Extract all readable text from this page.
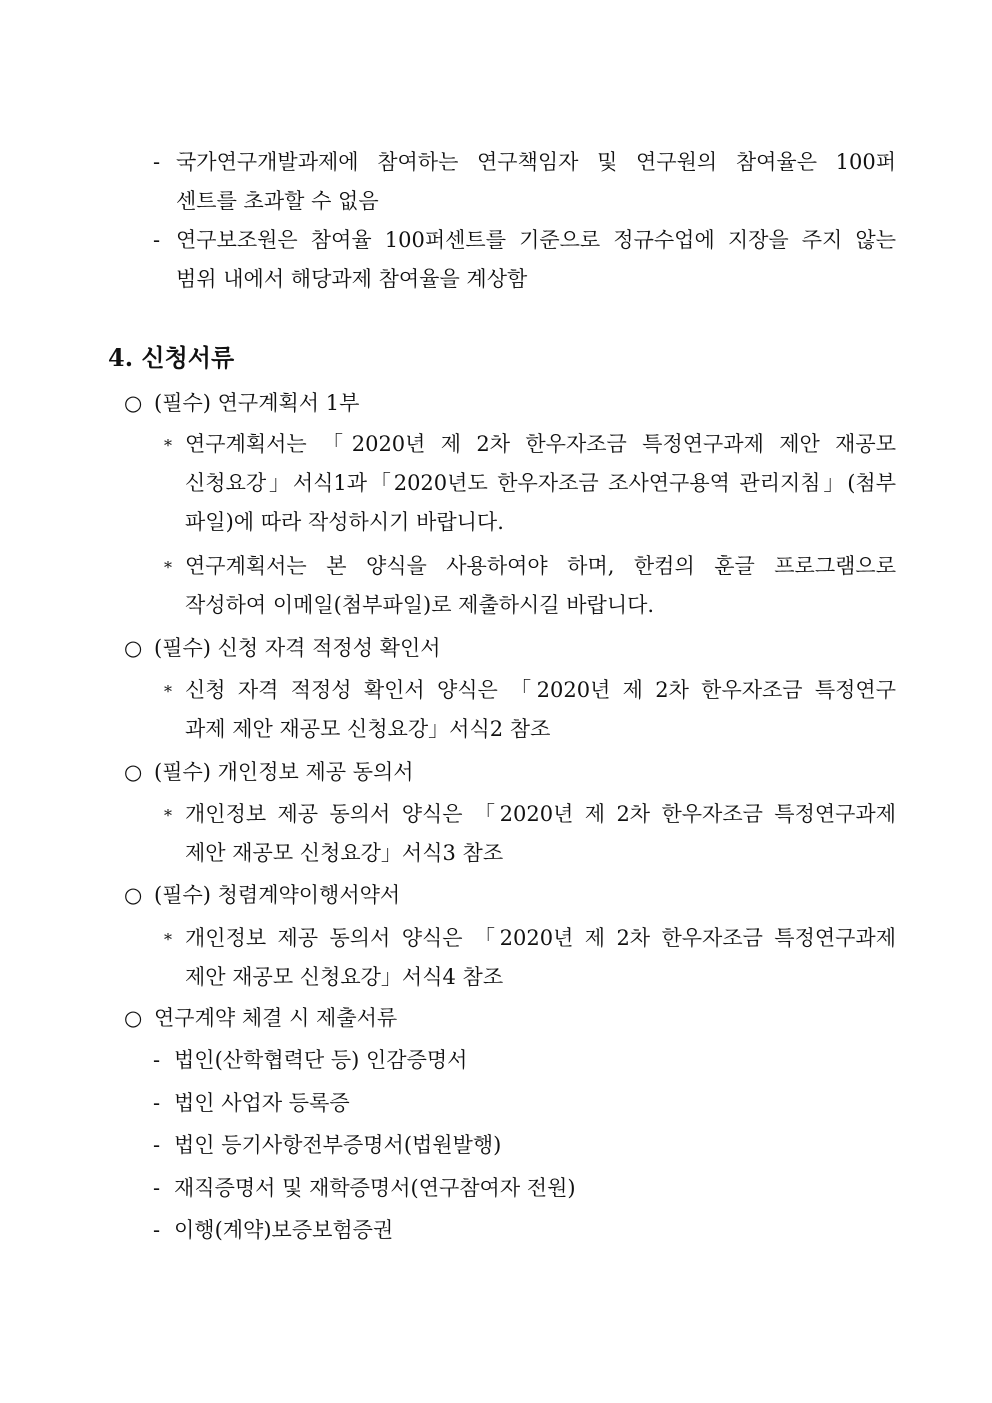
- 국가연구개발과제에 참여하는 연구책임자 및 연구원의 참여율은 100퍼
센트를 초과할 수 없음
- 연구보조원은 참여율 100퍼센트를 기준으로 정규수업에 지장을 주지 않는
범위 내에서 해당과제 참여율을 계상함
4. 신청서류
○ (필수) 연구계획서 1부
* 연구계획서는 「2020년 제 2차 한우자조금 특정연구과제 제안 재공모
신청요강」서식1과「2020년도 한우자조금 조사연구용역 관리지침」(첨부
파일)에 따라 작성하시기 바랍니다.
* 연구계획서는 본 양식을 사용하여야 하며, 한컴의 훈글 프로그램으로
작성하여 이메일(첨부파일)로 제출하시길 바랍니다.
○ (필수) 신청 자격 적정성 확인서
* 신청 자격 적정성 확인서 양식은 「2020년 제 2차 한우자조금 특정연구
과제 제안 재공모 신청요강」서식2 참조
○ (필수) 개인정보 제공 동의서
* 개인정보 제공 동의서 양식은 「2020년 제 2차 한우자조금 특정연구과제
제안 재공모 신청요강」서식3 참조
○ (필수) 청렴계약이행서약서
* 개인정보 제공 동의서 양식은 「2020년 제 2차 한우자조금 특정연구과제
제안 재공모 신청요강」서식4 참조
○ 연구계약 체결 시 제출서류
- 법인(산학협력단 등) 인감증명서
- 법인 사업자 등록증
- 법인 등기사항전부증명서(법원발행)
- 재직증명서 및 재학증명서(연구참여자 전원)
- 이행(계약)보증보험증권
